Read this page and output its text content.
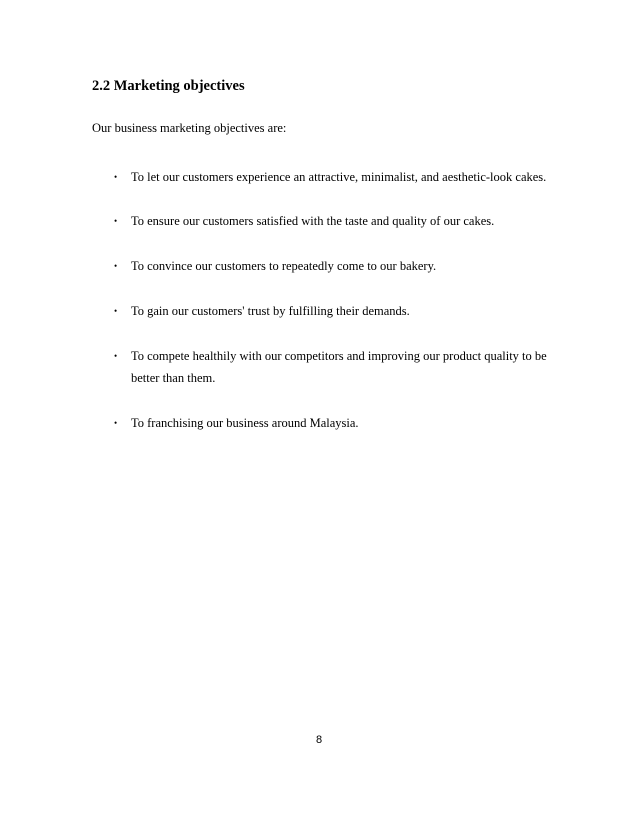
2.2 Marketing objectives
Our business marketing objectives are:
•	To let our customers experience an attractive, minimalist, and aesthetic-look cakes.
•	To ensure our customers satisfied with the taste and quality of our cakes.
•	To convince our customers to repeatedly come to our bakery.
•	To gain our customers' trust by fulfilling their demands.
•	To compete healthily with our competitors and improving our product quality to be better than them.
•	To franchising our business around Malaysia.
8
